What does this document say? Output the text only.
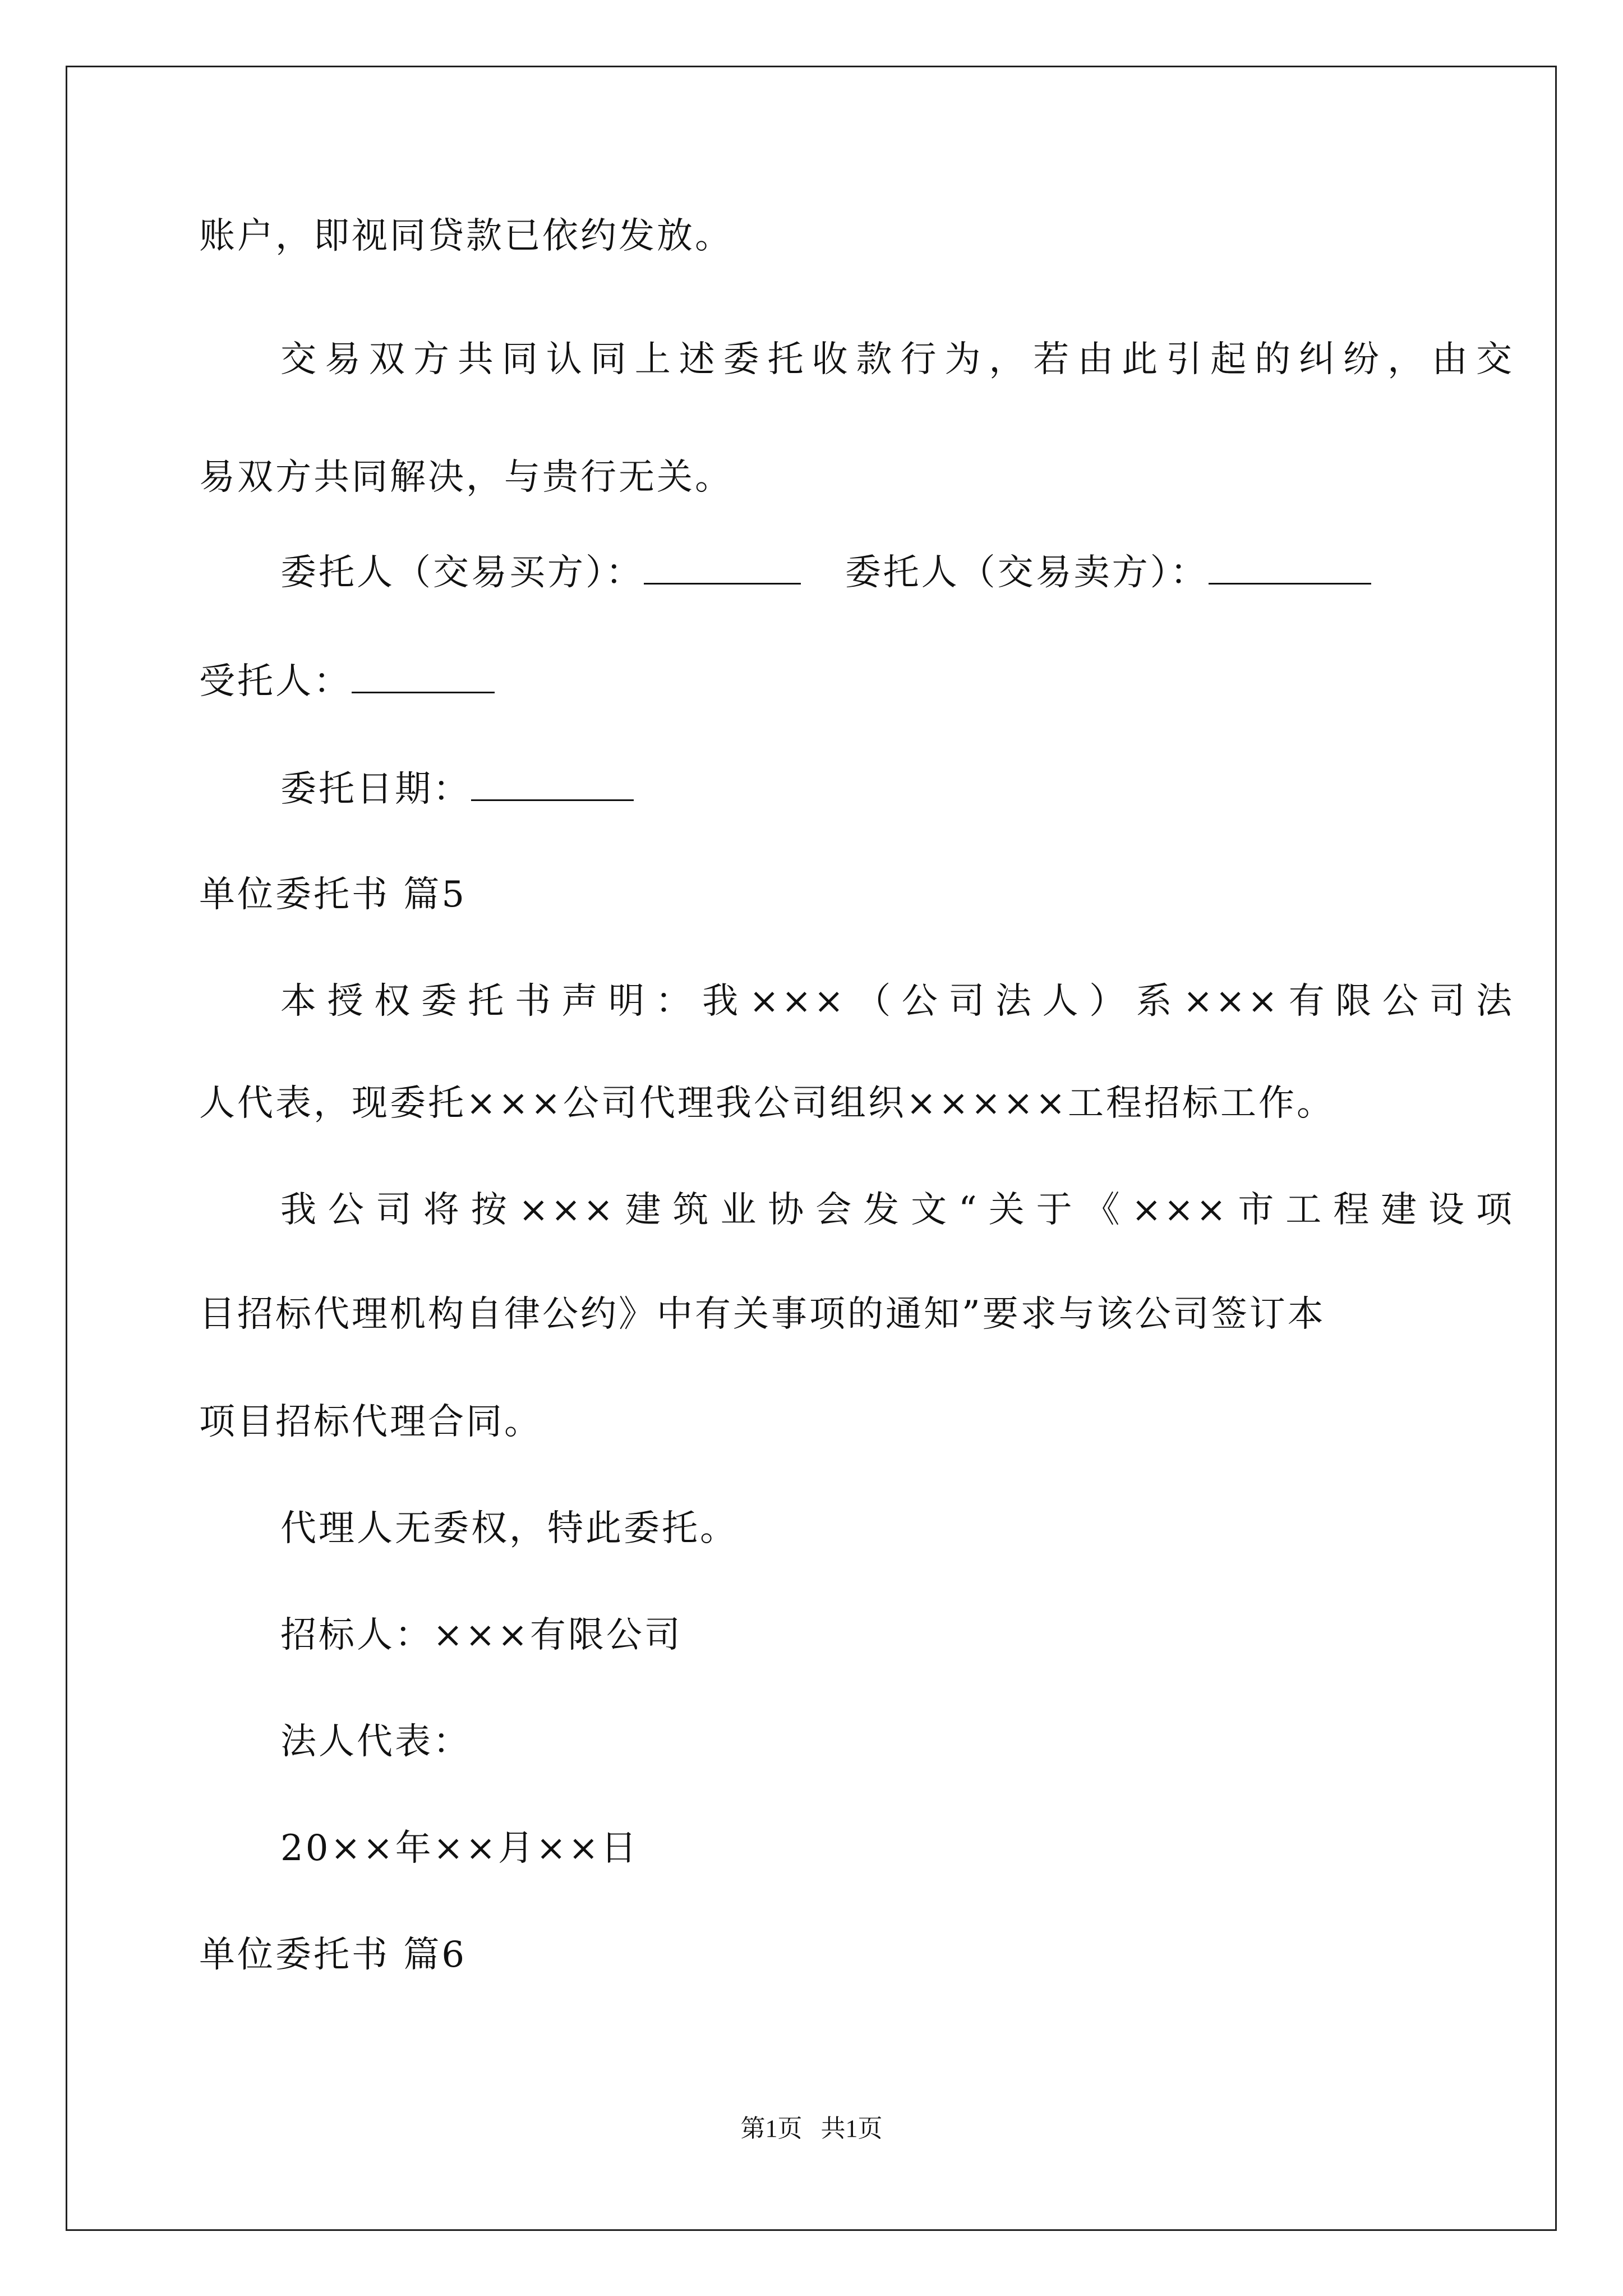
账户，即视同贷款已依约发放。
交易双方共同认同上述委托收款行为，若由此引起的纠纷，由交
易双方共同解决，与贵行无关。
委托人（交易买方）：	委托人（交易卖方）：
受托人：
委托日期：
单位委托书 篇5
本授权委托书声明：我×××（公司法人）系×××有限公司法
人代表，现委托×××公司代理我公司组织×××××工程招标工作。
我公司将按×××建筑业协会发文“关于《×××市工程建设项
目招标代理机构自律公约》中有关事项的通知”要求与该公司签订本
项目招标代理合同。
代理人无委权，特此委托。
招标人：×××有限公司
法人代表：
20××年××月××日
单位委托书 篇6
第1页   共1页
